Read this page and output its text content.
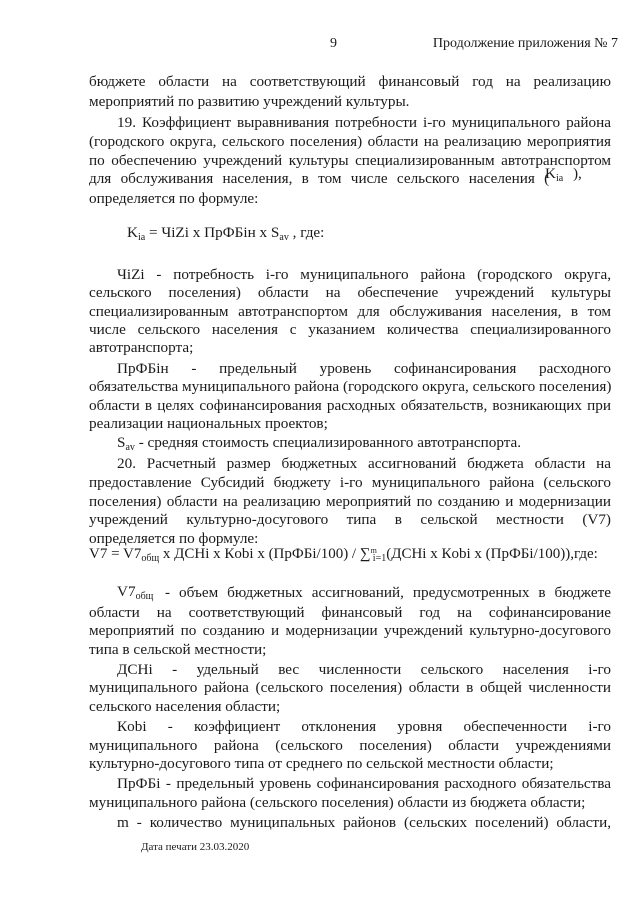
9	Продолжение приложения № 7
бюджете области на соответствующий финансовый год на реализацию
мероприятий по развитию учреждений культуры.
19. Коэффициент выравнивания потребности i-го муниципального района
(городского округа, сельского поселения) области на реализацию мероприятия
по обеспечению учреждений культуры специализированным автотранспортом
для обслуживания населения, в том числе сельского населения (
$K_{ia}$ ),
определяется по формуле:
$K_{ia}$ = ЧiZi x ПрФБiн x $S_{av}$ , где:
ЧiZi - потребность i-го муниципального района (городского округа,
сельского поселения) области на обеспечение учреждений культуры
специализированным автотранспортом для обслуживания населения, в том
числе сельского населения с указанием количества специализированного
автотранспорта;
ПрФБiн - предельный уровень софинансирования расходного
обязательства муниципального района (городского округа, сельского поселения)
области в целях софинансирования расходных обязательств, возникающих при
реализации национальных проектов;
$S_{av}$ - средняя стоимость специализированного автотранспорта.
20. Расчетный размер бюджетных ассигнований бюджета области на
предоставление Субсидий бюджету i-го муниципального района (сельского
поселения) области на реализацию мероприятий по созданию и модернизации
учреждений культурно-досугового типа в сельской местности (V7)
определяется по формуле:
$V7 = V7_{общ}$ x ДСНi x Кobi x (ПрФБi/100) / ∑$^m_{i=1}$(ДСНi x Кobi x (ПрФБi/100)),где:
$V7_{общ}$ - объем бюджетных ассигнований, предусмотренных в бюджете
области на соответствующий финансовый год на софинансирование
мероприятий по созданию и модернизации учреждений культурно-досугового
типа в сельской местности;
ДСНi - удельный вес численности сельского населения i-го
муниципального района (сельского поселения) области в общей численности
сельского населения области;
Кobi - коэффициент отклонения уровня обеспеченности i-го
муниципального района (сельского поселения) области учреждениями
культурно-досугового типа от среднего по сельской местности области;
ПрФБi - предельный уровень софинансирования расходного обязательства
муниципального района (сельского поселения) области из бюджета области;
m - количество муниципальных районов (сельских поселений) области,
Дата печати 23.03.2020
